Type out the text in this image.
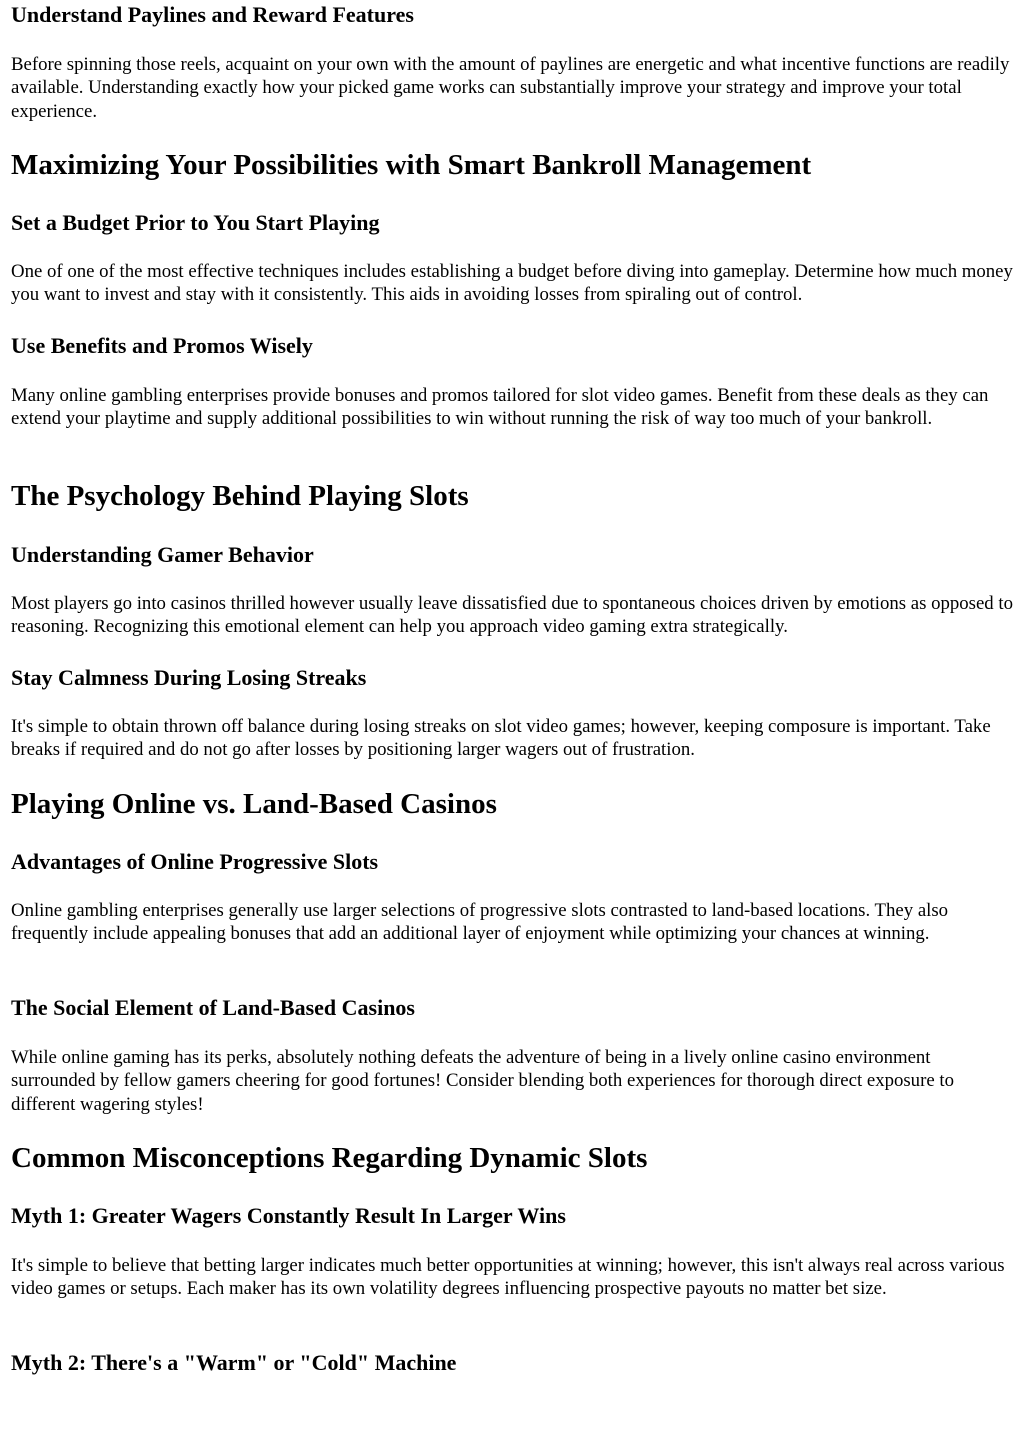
Understand Paylines and Reward Features

Before spinning those reels, acquaint on your own with the amount of paylines are energetic and what incentive functions are readily available. Understanding exactly how your picked game works can substantially improve your strategy and improve your total experience.

Maximizing Your Possibilities with Smart Bankroll Management
Set a Budget Prior to You Start Playing

One of one of the most effective techniques includes establishing a budget before diving into gameplay. Determine how much money you want to invest and stay with it consistently. This aids in avoiding losses from spiraling out of control.

Use Benefits and Promos Wisely

Many online gambling enterprises provide bonuses and promos tailored for slot video games. Benefit from these deals as they can extend your playtime and supply additional possibilities to win without running the risk of way too much of your bankroll.

The Psychology Behind Playing Slots
Understanding Gamer Behavior

Most players go into casinos thrilled however usually leave dissatisfied due to spontaneous choices driven by emotions as opposed to reasoning. Recognizing this emotional element can help you approach video gaming extra strategically.

Stay Calmness During Losing Streaks

It's simple to obtain thrown off balance during losing streaks on slot video games; however, keeping composure is important. Take breaks if required and do not go after losses by positioning larger wagers out of frustration.

Playing Online vs. Land-Based Casinos
Advantages of Online Progressive Slots

Online gambling enterprises generally use larger selections of progressive slots contrasted to land-based locations. They also frequently include appealing bonuses that add an additional layer of enjoyment while optimizing your chances at winning.

The Social Element of Land-Based Casinos

While online gaming has its perks, absolutely nothing defeats the adventure of being in a lively online casino environment surrounded by fellow gamers cheering for good fortunes! Consider blending both experiences for thorough direct exposure to different wagering styles!

Common Misconceptions Regarding Dynamic Slots
Myth 1: Greater Wagers Constantly Result In Larger Wins

It's simple to believe that betting larger indicates much better opportunities at winning; however, this isn't always real across various video games or setups. Each maker has its own volatility degrees influencing prospective payouts no matter bet size.

Myth 2: There's a "Warm" or "Cold" Machine
